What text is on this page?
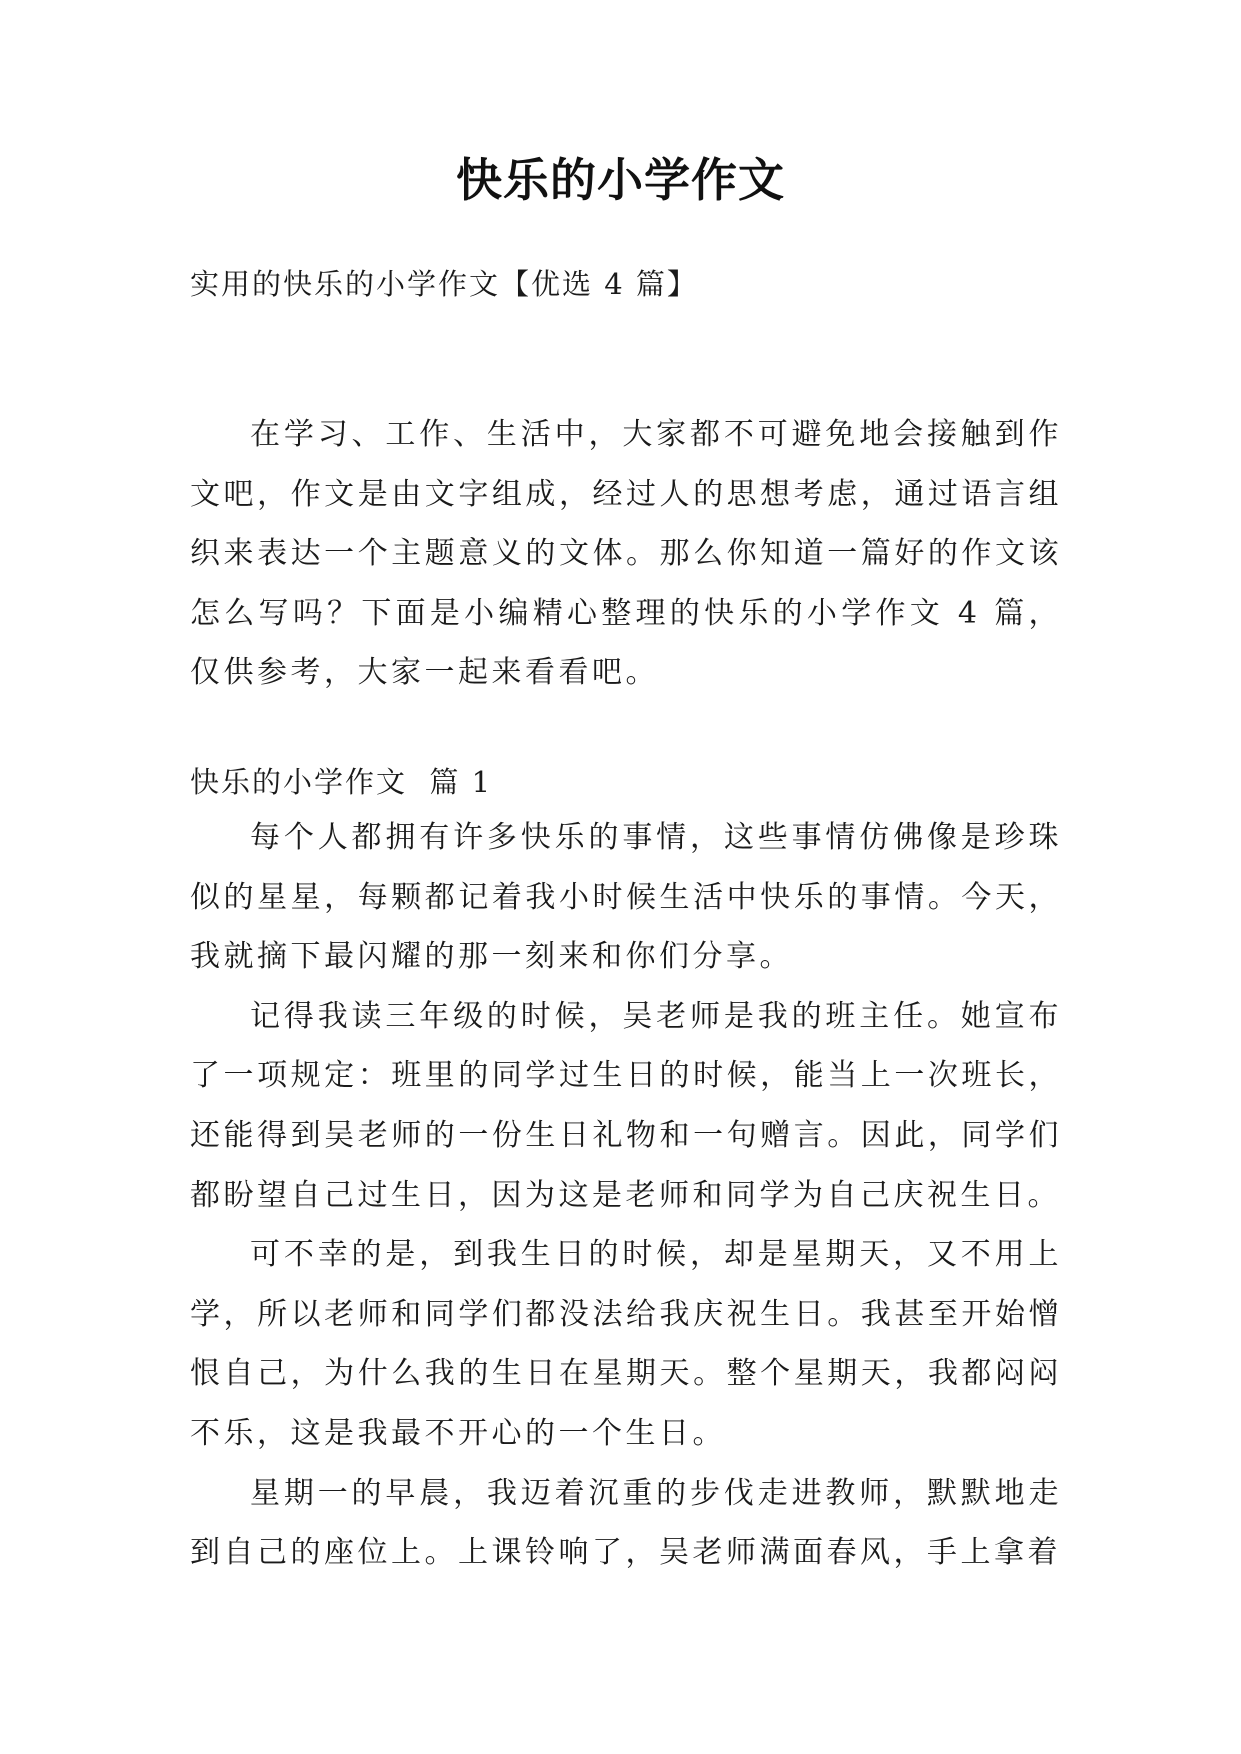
快乐的小学作文
实用的快乐的小学作文【优选 4 篇】

在学习、工作、生活中，大家都不可避免地会接触到作文吧，作文是由文字组成，经过人的思想考虑，通过语言组织来表达一个主题意义的文体。那么你知道一篇好的作文该怎么写吗？下面是小编精心整理的快乐的小学作文 4 篇，仅供参考，大家一起来看看吧。

快乐的小学作文  篇 1

每个人都拥有许多快乐的事情，这些事情仿佛像是珍珠似的星星，每颗都记着我小时候生活中快乐的事情。今天，我就摘下最闪耀的那一刻来和你们分享。

记得我读三年级的时候，吴老师是我的班主任。她宣布了一项规定：班里的同学过生日的时候，能当上一次班长，还能得到吴老师的一份生日礼物和一句赠言。因此，同学们都盼望自己过生日，因为这是老师和同学为自己庆祝生日。

可不幸的是，到我生日的时候，却是星期天，又不用上学，所以老师和同学们都没法给我庆祝生日。我甚至开始憎恨自己，为什么我的生日在星期天。整个星期天，我都闷闷不乐，这是我最不开心的一个生日。

星期一的早晨，我迈着沉重的步伐走进教师，默默地走到自己的座位上。上课铃响了，吴老师满面春风，手上拿着
